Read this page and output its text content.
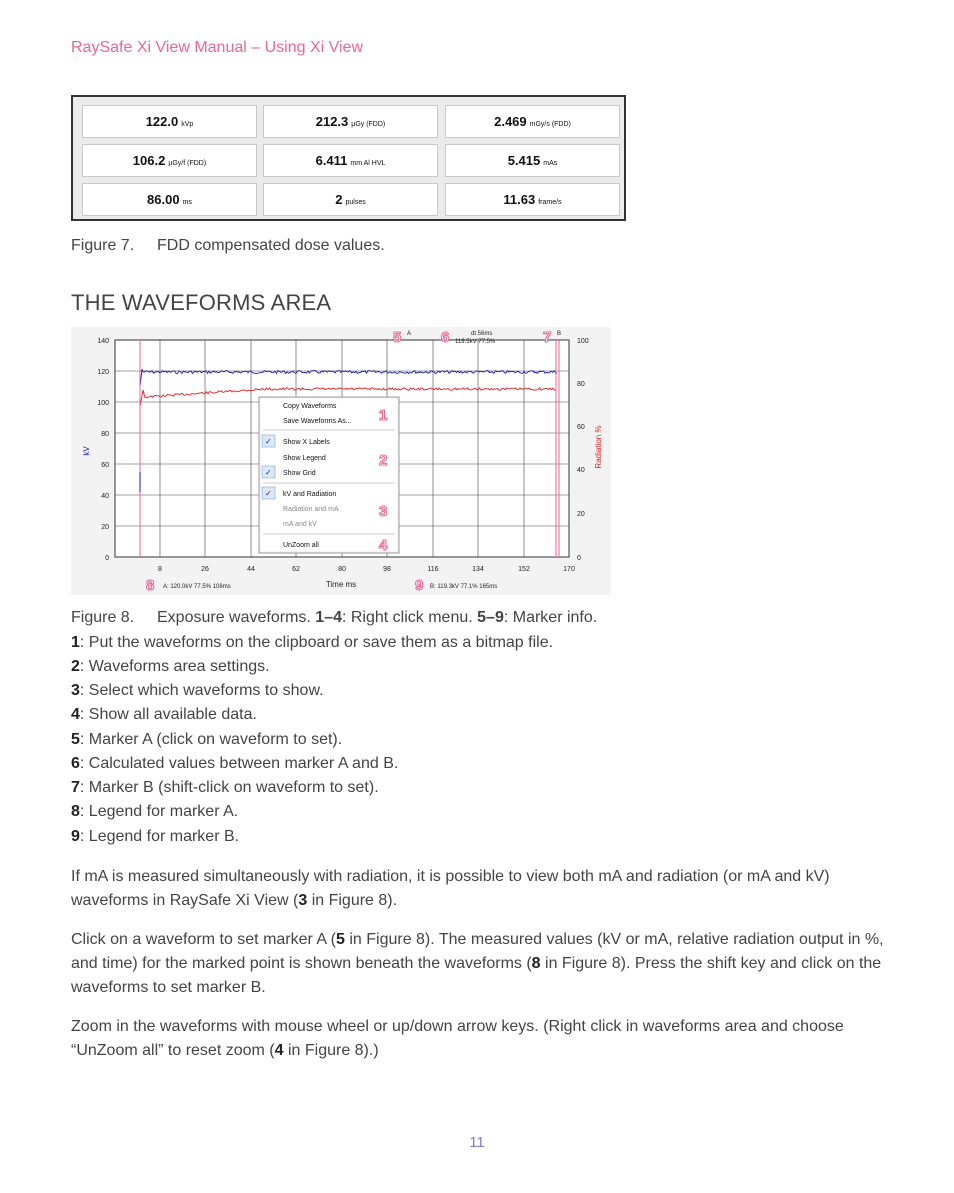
RaySafe Xi View Manual – Using Xi View
122.0 kVp	212.3 µGy (FDD)	2.469 mGy/s (FDD)
106.2 µGy/f (FDD)	6.411 mm Al HVL	5.415 mAs
86.00 ms	2 pulses	11.63 frame/s
Figure 7. FDD compensated dose values.
THE WAVEFORMS AREA
140
120
100
80
60
40
20
0
100
80
60
40
20
0
8	26	44	62	80	98	116	134	152	170
Time ms
kV	Radiation %
A	B
dt 56ms
119.5kV 77.5%
A: 120.0kV 77.5% 108ms	B: 119.3kV 77.1% 165ms
Copy Waveforms
Save Waveforms As...
✓ Show X Labels
Show Legend
✓ Show Grid
✓ kV and Radiation
Radiation and mA
mA and kV
UnZoom all
1
2
3
4
5	6	7
8	9
Figure 8. Exposure waveforms. 1–4: Right click menu. 5–9: Marker info.
1: Put the waveforms on the clipboard or save them as a bitmap file.
2: Waveforms area settings.
3: Select which waveforms to show.
4: Show all available data.
5: Marker A (click on waveform to set).
6: Calculated values between marker A and B.
7: Marker B (shift-click on waveform to set).
8: Legend for marker A.
9: Legend for marker B.
If mA is measured simultaneously with radiation, it is possible to view both mA and radiation (or mA and kV) waveforms in RaySafe Xi View (3 in Figure 8).
Click on a waveform to set marker A (5 in Figure 8). The measured values (kV or mA, relative radiation output in %, and time) for the marked point is shown beneath the waveforms (8 in Figure 8). Press the shift key and click on the waveforms to set marker B.
Zoom in the waveforms with mouse wheel or up/down arrow keys. (Right click in waveforms area and choose “UnZoom all” to reset zoom (4 in Figure 8).)
11
